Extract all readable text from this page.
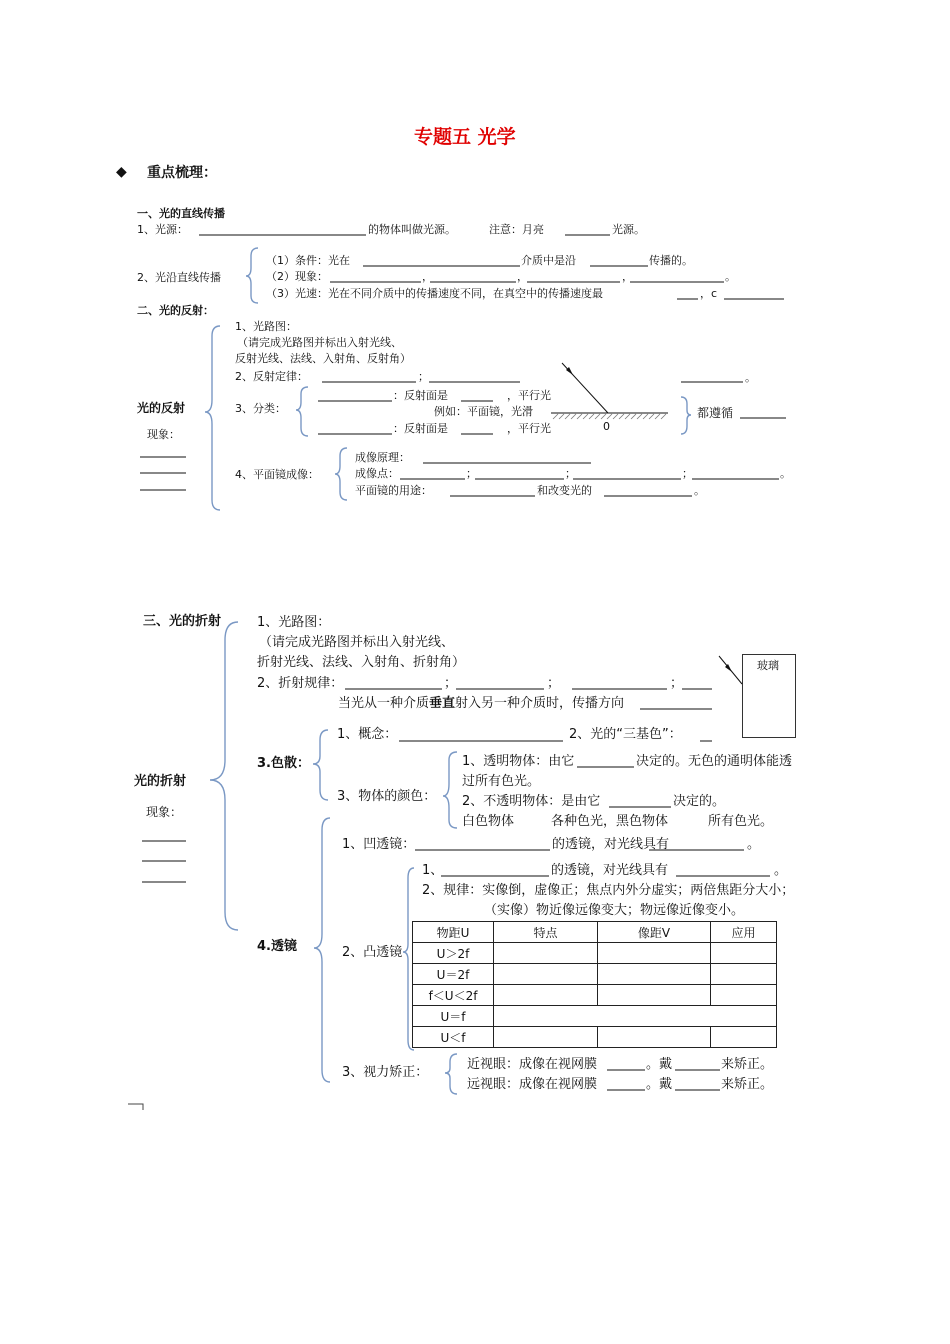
专题五 光学
◆ 重点梳理：
一、光的直线传播
1、光源：	的物体叫做光源。	注意：月亮	光源。
2、光沿直线传播
（1）条件：光在	介质中是沿	传播的。
（2）现象：	，	，	，	。
（3）光速：光在不同介质中的传播速度不同，在真空中的传播速度最	，c
二、光的反射：
光的反射
现象：
1、光路图：
（请完成光路图并标出入射光线、
反射光线、法线、入射角、反射角）
2、反射定律：	；	。
3、分类：
：反射面是	，平行光
例如：平面镜，光滑
：反射面是	，平行光
都遵循
0
4、平面镜成像：
成像原理：
成像点：	；	；	；	。
平面镜的用途：	和改变光的	。
三、光的折射
光的折射
现象：
1、光路图：
（请完成光路图并标出入射光线、
折射光线、法线、入射角、折射角）
2、折射规律：	；	；	；
当光从一种介质垂直射入另一种介质时，传播方向
玻璃
3.色散：
1、概念：	2、光的“三基色”：
3、物体的颜色：
1、透明物体：由它	决定的。无色的通明体能透
过所有色光。
2、不透明物体：是由它	决定的。
白色物体	各种色光，黑色物体	所有色光。
4.透镜
1、凹透镜：	的透镜，对光线具有	。
2、凸透镜
1、	的透镜，对光线具有	。
2、规律：实像倒，虚像正；焦点内外分虚实；两倍焦距分大小；
（实像）物近像远像变大；物远像近像变小。
物距U	特点	像距V	应用
U＞2f			
U＝2f			
f＜U＜2f			
U＝f			
U＜f			
3、视力矫正：
近视眼：成像在视网膜	。戴	来矫正。
远视眼：成像在视网膜	。戴	来矫正。
